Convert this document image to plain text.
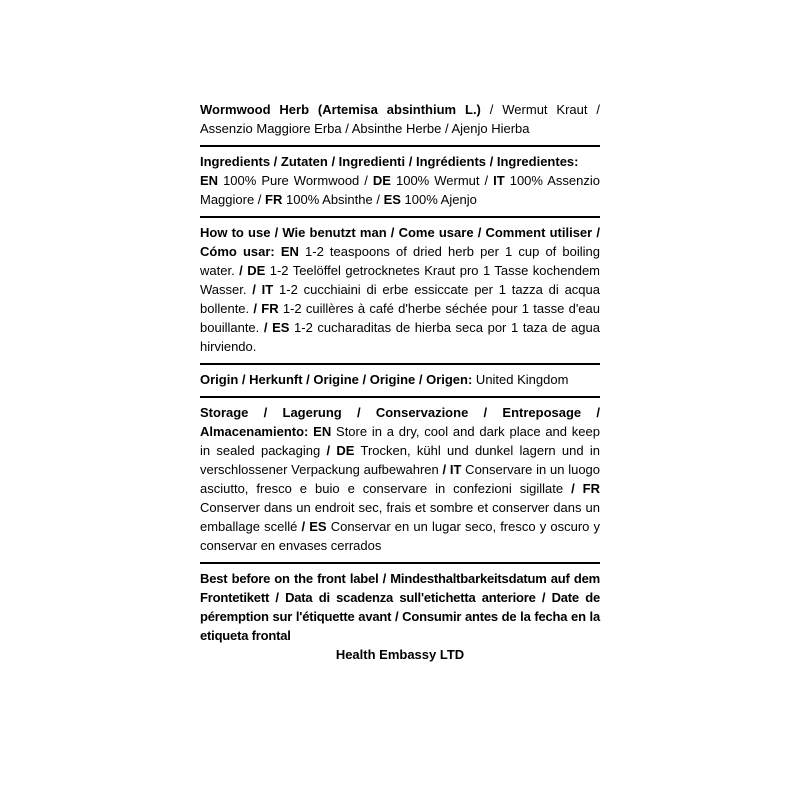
Wormwood Herb (Artemisa absinthium L.) / Wermut Kraut / Assenzio Maggiore Erba / Absinthe Herbe / Ajenjo Hierba
Ingredients / Zutaten / Ingredienti / Ingrédients / Ingredientes:
EN 100% Pure Wormwood / DE 100% Wermut / IT 100% Assenzio Maggiore / FR 100% Absinthe / ES 100% Ajenjo
How to use / Wie benutzt man / Come usare / Comment utiliser / Cómo usar: EN 1-2 teaspoons of dried herb per 1 cup of boiling water. / DE 1-2 Teelöffel getrocknetes Kraut pro 1 Tasse kochendem Wasser. / IT 1-2 cucchiaini di erbe essiccate per 1 tazza di acqua bollente. / FR 1-2 cuillères à café d'herbe séchée pour 1 tasse d'eau bouillante. / ES 1-2 cucharaditas de hierba seca por 1 taza de agua hirviendo.
Origin / Herkunft / Origine / Origine / Origen: United Kingdom
Storage / Lagerung / Conservazione / Entreposage / Almacenamiento: EN Store in a dry, cool and dark place and keep in sealed packaging / DE Trocken, kühl und dunkel lagern und in verschlossener Verpackung aufbewahren / IT Conservare in un luogo asciutto, fresco e buio e conservare in confezioni sigillate / FR Conserver dans un endroit sec, frais et sombre et conserver dans un emballage scellé / ES Conservar en un lugar seco, fresco y oscuro y conservar en envases cerrados
Best before on the front label / Mindesthaltbarkeitsdatum auf dem Frontetikett / Data di scadenza sull'etichetta anteriore / Date de péremption sur l'étiquette avant / Consumir antes de la fecha en la etiqueta frontal
Health Embassy LTD
